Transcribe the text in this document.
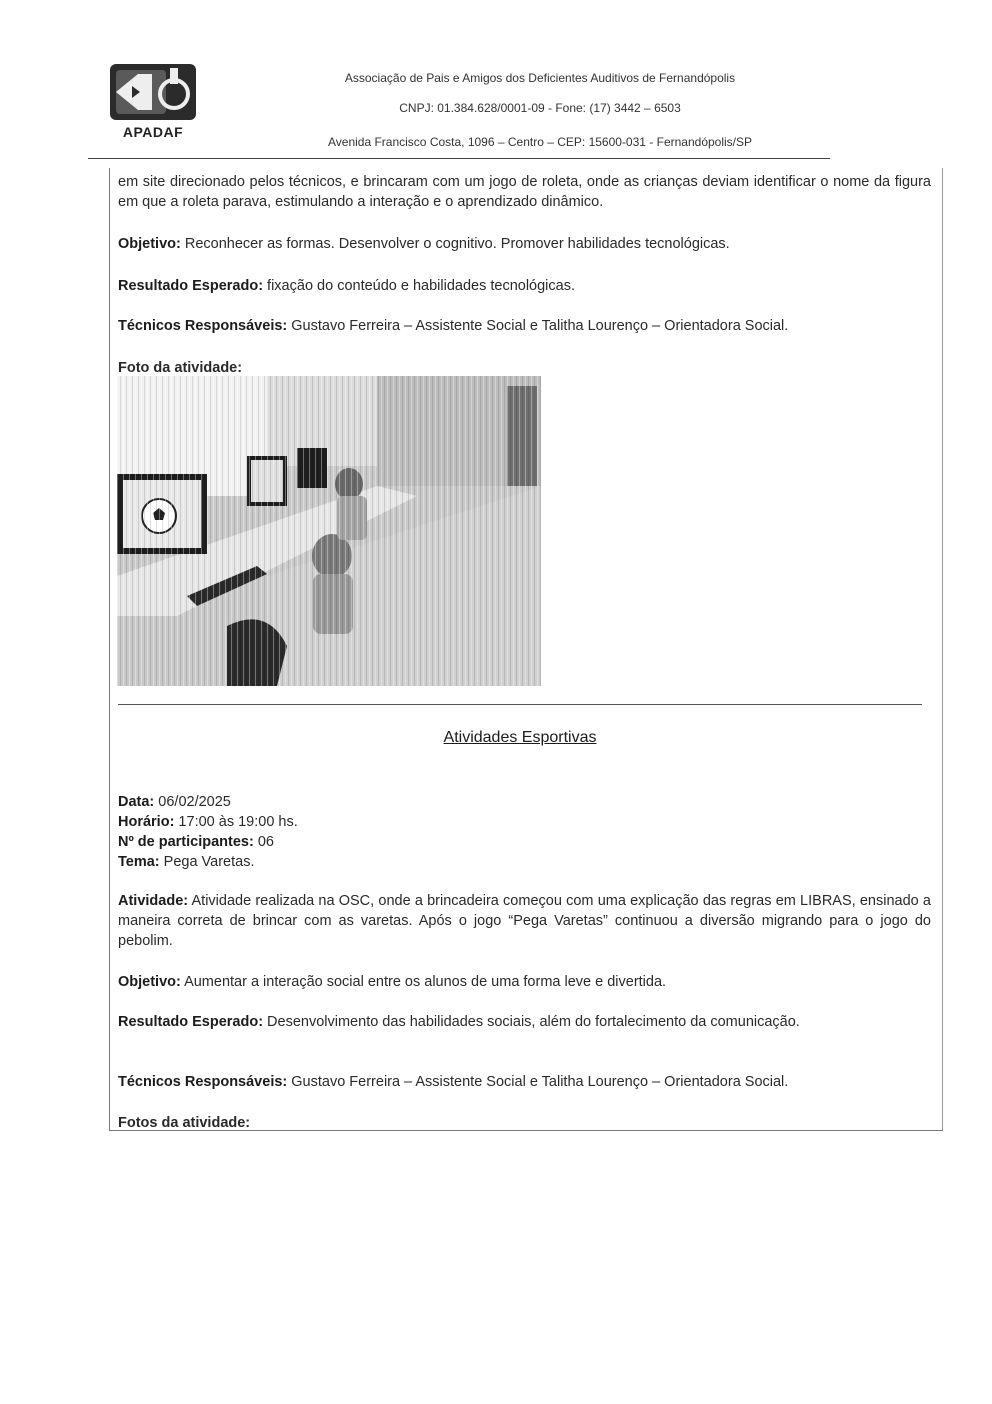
APADAF
Associação de Pais e Amigos dos Deficientes Auditivos de Fernandópolis
CNPJ: 01.384.628/0001-09 - Fone: (17) 3442 – 6503
Avenida Francisco Costa, 1096 – Centro – CEP: 15600-031 - Fernandópolis/SP

em site direcionado pelos técnicos, e brincaram com um jogo de roleta, onde as crianças deviam identificar o nome da figura em que a roleta parava, estimulando a interação e o aprendizado dinâmico.

Objetivo: Reconhecer as formas. Desenvolver o cognitivo. Promover habilidades tecnológicas.

Resultado Esperado: fixação do conteúdo e habilidades tecnológicas.

Técnicos Responsáveis: Gustavo Ferreira – Assistente Social e Talitha Lourenço – Orientadora Social.

Foto da atividade:
Atividades Esportivas
Data: 06/02/2025
Horário: 17:00 às 19:00 hs.
Nº de participantes: 06
Tema: Pega Varetas.

Atividade: Atividade realizada na OSC, onde a brincadeira começou com uma explicação das regras em LIBRAS, ensinado a maneira correta de brincar com as varetas. Após o jogo “Pega Varetas” continuou a diversão migrando para o jogo do pebolim.

Objetivo: Aumentar a interação social entre os alunos de uma forma leve e divertida.

Resultado Esperado: Desenvolvimento das habilidades sociais, além do fortalecimento da comunicação.

Técnicos Responsáveis: Gustavo Ferreira – Assistente Social e Talitha Lourenço – Orientadora Social.

Fotos da atividade:
